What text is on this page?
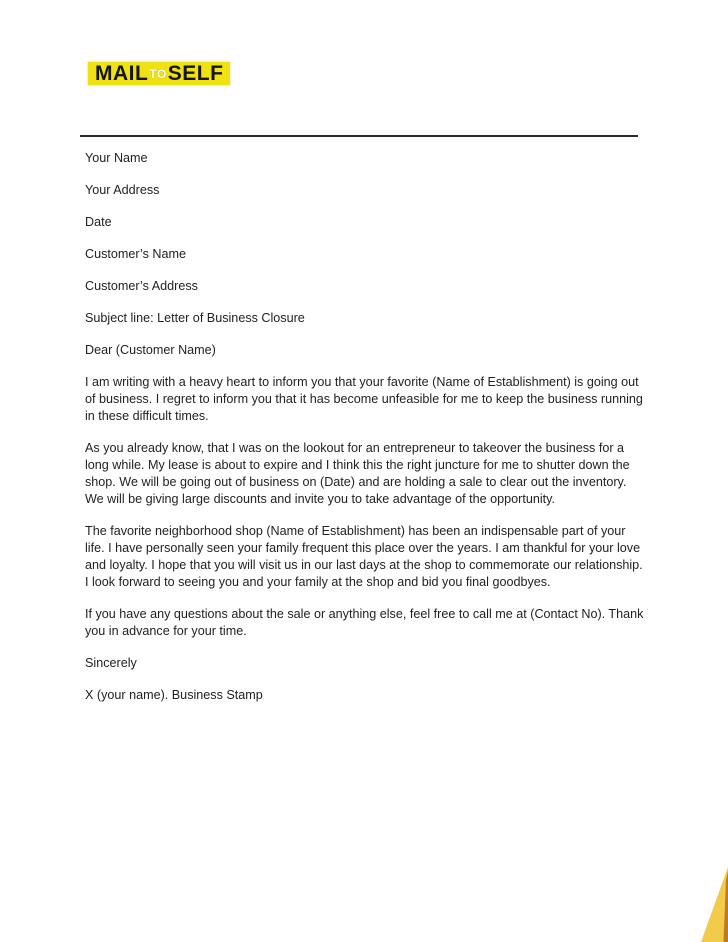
MAIL TO SELF

Your Name

Your Address

Date

Customer’s Name

Customer’s Address

Subject line: Letter of Business Closure

Dear (Customer Name)

I am writing with a heavy heart to inform you that your favorite (Name of Establishment) is going out of business. I regret to inform you that it has become unfeasible for me to keep the business running in these difficult times.

As you already know, that I was on the lookout for an entrepreneur to takeover the business for a long while. My lease is about to expire and I think this the right juncture for me to shutter down the shop. We will be going out of business on (Date) and are holding a sale to clear out the inventory. We will be giving large discounts and invite you to take advantage of the opportunity.

The favorite neighborhood shop (Name of Establishment) has been an indispensable part of your life. I have personally seen your family frequent this place over the years. I am thankful for your love and loyalty. I hope that you will visit us in our last days at the shop to commemorate our relationship. I look forward to seeing you and your family at the shop and bid you final goodbyes.

If you have any questions about the sale or anything else, feel free to call me at (Contact No). Thank you in advance for your time.

Sincerely

X (your name). Business Stamp
